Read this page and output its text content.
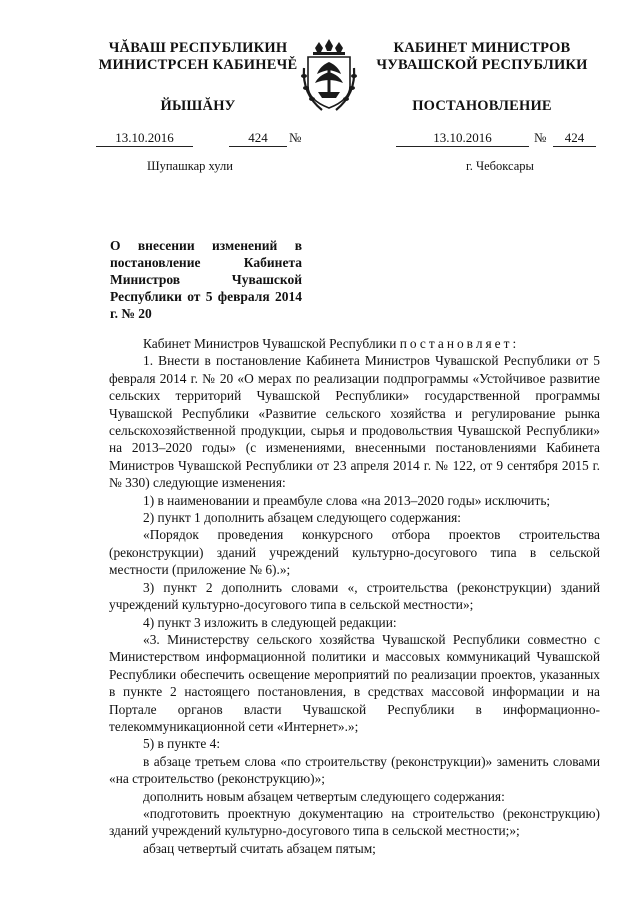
ЧĂВАШ РЕСПУБЛИКИН
МИНИСТРСЕН КАБИНЕЧĚ
ЙЫШĂНУ
КАБИНЕТ МИНИСТРОВ
ЧУВАШСКОЙ РЕСПУБЛИКИ
ПОСТАНОВЛЕНИЕ
13.10.2016	424	№	13.10.2016	№	424
Шупашкар хули	г. Чебоксары
О внесении изменений в постановление Кабинета Министров Чувашской Республики от 5 февраля 2014 г. № 20

Кабинет Министров Чувашской Республики постановляет:

1. Внести в постановление Кабинета Министров Чувашской Республики от 5 февраля 2014 г. № 20 «О мерах по реализации подпрограммы «Устойчивое развитие сельских территорий Чувашской Республики» государственной программы Чувашской Республики «Развитие сельского хозяйства и регулирование рынка сельскохозяйственной продукции, сырья и продовольствия Чувашской Республики» на 2013–2020 годы» (с изменениями, внесенными постановлениями Кабинета Министров Чувашской Республики от 23 апреля 2014 г. № 122, от 9 сентября 2015 г. № 330) следующие изменения:

1) в наименовании и преамбуле слова «на 2013–2020 годы» исключить;

2) пункт 1 дополнить абзацем следующего содержания:

«Порядок проведения конкурсного отбора проектов строительства (реконструкции) зданий учреждений культурно-досугового типа в сельской местности (приложение № 6).»;

3) пункт 2 дополнить словами «, строительства (реконструкции) зданий учреждений культурно-досугового типа в сельской местности»;

4) пункт 3 изложить в следующей редакции:

«3. Министерству сельского хозяйства Чувашской Республики совместно с Министерством информационной политики и массовых коммуникаций Чувашской Республики обеспечить освещение мероприятий по реализации проектов, указанных в пункте 2 настоящего постановления, в средствах массовой информации и на Портале органов власти Чувашской Республики в информационно-телекоммуникационной сети «Интернет».»;

5) в пункте 4:

в абзаце третьем слова «по строительству (реконструкции)» заменить словами «на строительство (реконструкцию)»;

дополнить новым абзацем четвертым следующего содержания:

«подготовить проектную документацию на строительство (реконструкцию) зданий учреждений культурно-досугового типа в сельской местности;»;

абзац четвертый считать абзацем пятым;
